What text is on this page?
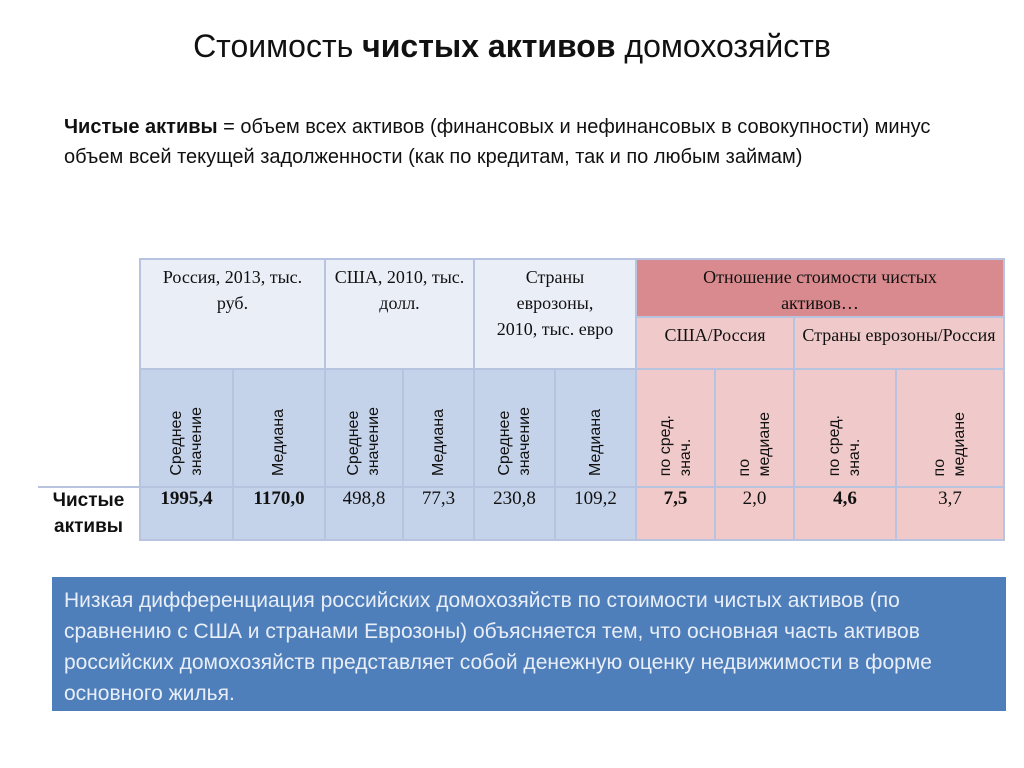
Стоимость чистых активов домохозяйств
Чистые активы = объем всех активов (финансовых и нефинансовых в совокупности) минус объем всей текущей задолженности (как по кредитам, так и по любым займам)

	Россия, 2013, тыс. руб.		США, 2010, тыс. долл.		Страны еврозоны, 2010, тыс. евро		Отношение стоимости чистых активов…			

							США/Россия		Страны еврозоны/Россия	

	Среднее
значение	Медиана	Среднее
значение	Медиана	Среднее
значение	Медиана	по сред.
знач.	по
медиане	по сред.
знач.	по
медиане

Чистые активы	1995,4	1170,0	498,8	77,3	230,8	109,2	7,5	2,0	4,6	3,7
Низкая дифференциация российских домохозяйств по стоимости чистых активов (по сравнению с США и странами Еврозоны) объясняется тем, что основная часть активов российских домохозяйств представляет собой денежную оценку недвижимости в форме основного жилья.
